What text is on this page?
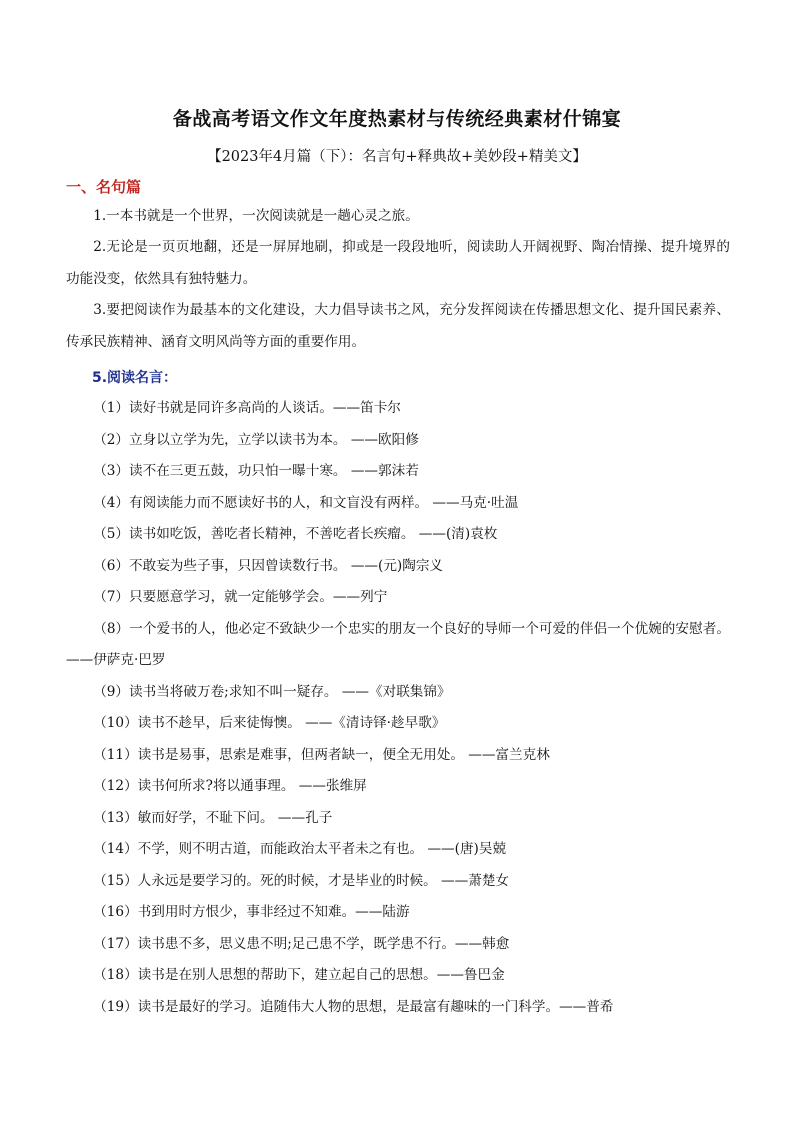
备战高考语文作文年度热素材与传统经典素材什锦宴
【2023年4月篇（下）：名言句+释典故+美妙段+精美文】
一、名句篇

1.一本书就是一个世界，一次阅读就是一趟心灵之旅。

2.无论是一页页地翻，还是一屏屏地刷，抑或是一段段地听，阅读助人开阔视野、陶冶情操、提升境界的功能没变，依然具有独特魅力。

3.要把阅读作为最基本的文化建设，大力倡导读书之风，充分发挥阅读在传播思想文化、提升国民素养、传承民族精神、涵育文明风尚等方面的重要作用。

5.阅读名言：
（1）读好书就是同许多高尚的人谈话。——笛卡尔
（2）立身以立学为先，立学以读书为本。 ——欧阳修
（3）读不在三更五鼓，功只怕一曝十寒。 ——郭沫若
（4）有阅读能力而不愿读好书的人，和文盲没有两样。 ——马克·吐温
（5）读书如吃饭，善吃者长精神，不善吃者长疾瘤。 ——(清)袁枚
（6）不敢妄为些子事，只因曾读数行书。 ——(元)陶宗义
（7）只要愿意学习，就一定能够学会。——列宁
（8）一个爱书的人，他必定不致缺少一个忠实的朋友一个良好的导师一个可爱的伴侣一个优婉的安慰者。——伊萨克·巴罗
（9）读书当将破万卷;求知不叫一疑存。 ——《对联集锦》
（10）读书不趁早，后来徒悔懊。 ——《清诗铎·趁早歌》
（11）读书是易事，思索是难事，但两者缺一，便全无用处。 ——富兰克林
（12）读书何所求?将以通事理。 ——张维屏
（13）敏而好学，不耻下问。 ——孔子
（14）不学，则不明古道，而能政治太平者未之有也。 ——(唐)吴兢
（15）人永远是要学习的。死的时候，才是毕业的时候。 ——萧楚女
（16）书到用时方恨少，事非经过不知难。——陆游
（17）读书患不多，思义患不明;足己患不学，既学患不行。——韩愈
（18）读书是在别人思想的帮助下，建立起自己的思想。——鲁巴金
（19）读书是最好的学习。追随伟大人物的思想，是最富有趣味的一门科学。——普希
